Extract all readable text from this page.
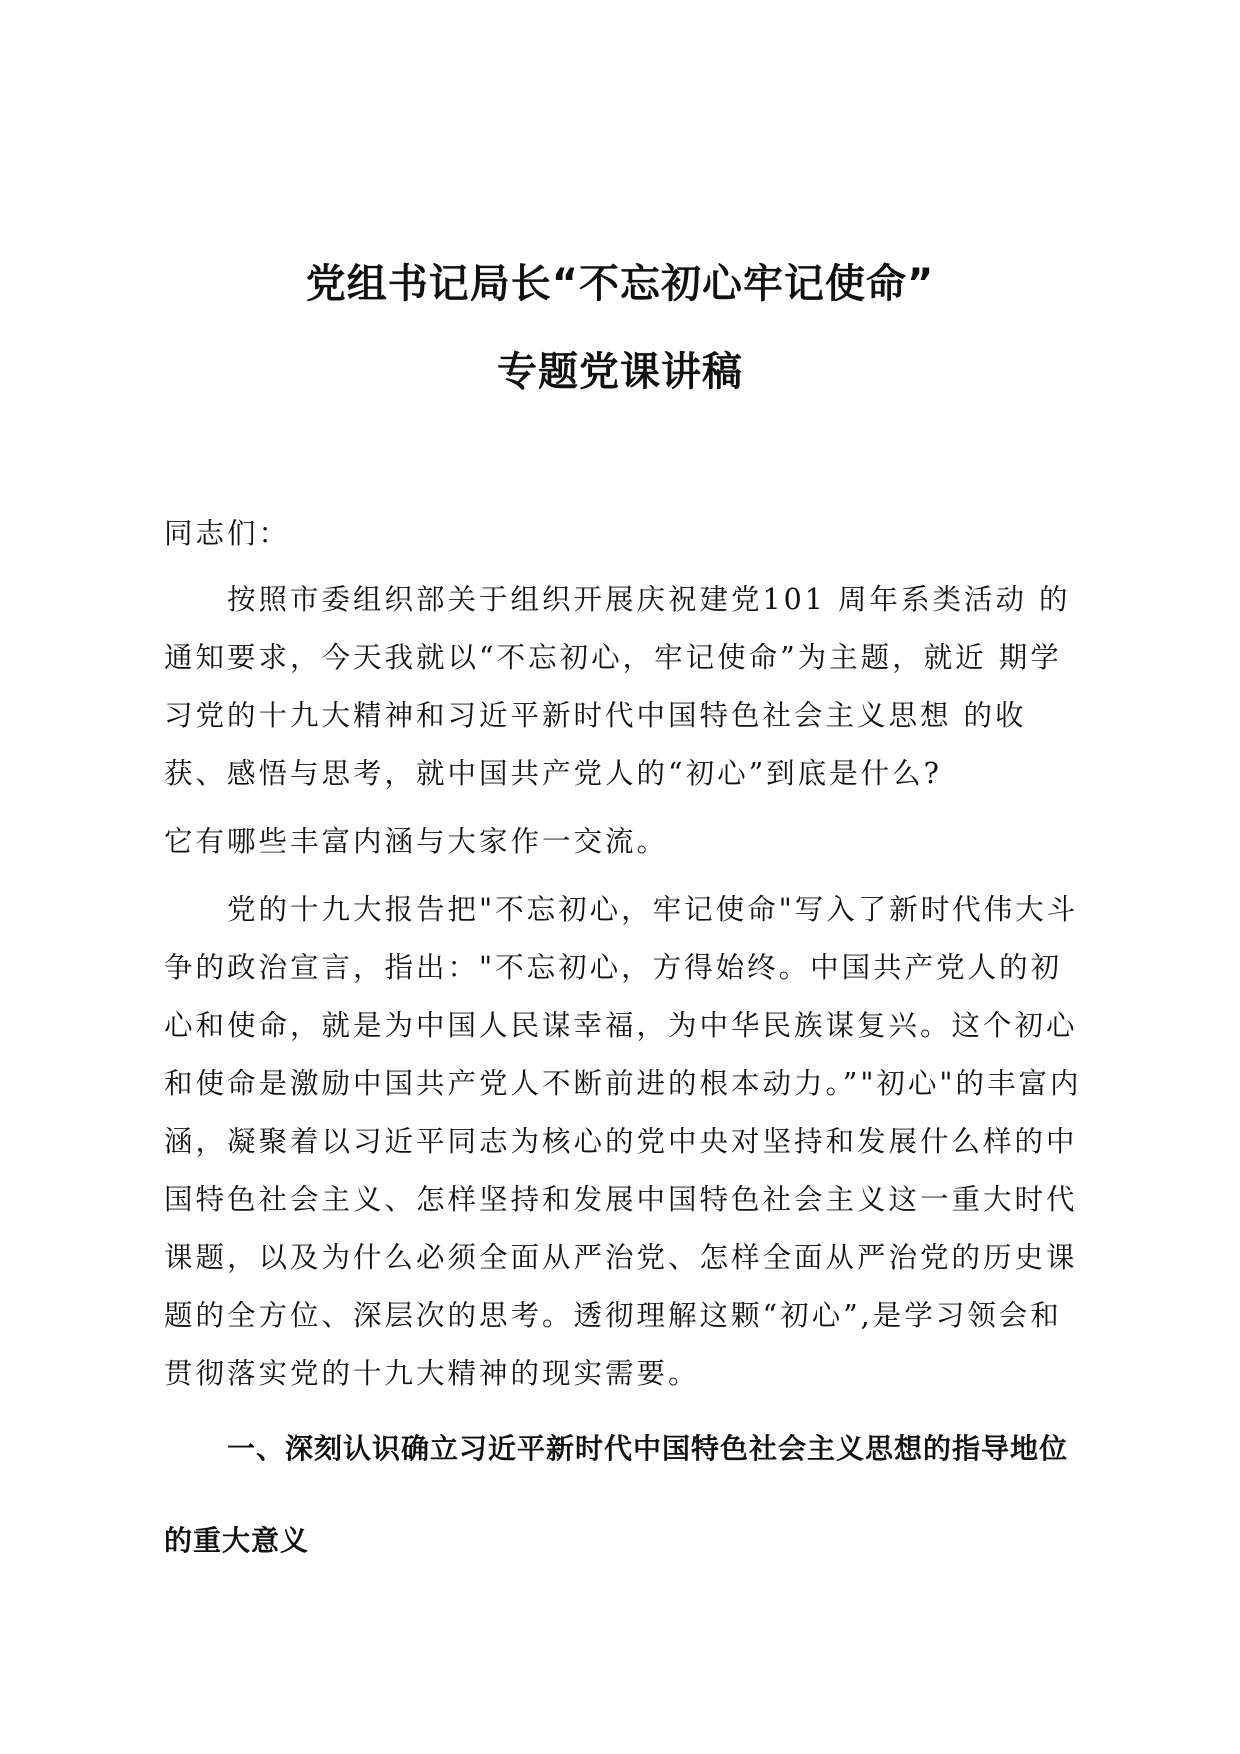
党组书记局长“不忘初心牢记使命”
专题党课讲稿

同志们：

按照市委组织部关于组织开展庆祝建党101 周年系类活动 的通知要求，今天我就以“不忘初心，牢记使命”为主题，就近 期学习党的十九大精神和习近平新时代中国特色社会主义思想 的收获、感悟与思考，就中国共产党人的“初心”到底是什么?

它有哪些丰富内涵与大家作一交流。

党的十九大报告把"不忘初心，牢记使命"写入了新时代伟大斗争的政治宣言，指出："不忘初心，方得始终。中国共产党人的初心和使命，就是为中国人民谋幸福，为中华民族谋复兴。这个初心和使命是激励中国共产党人不断前进的根本动力。”"初心"的丰富内涵，凝聚着以习近平同志为核心的党中央对坚持和发展什么样的中国特色社会主义、怎样坚持和发展中国特色社会主义这一重大时代课题，以及为什么必须全面从严治党、怎样全面从严治党的历史课题的全方位、深层次的思考。透彻理解这颗“初心”,是学习领会和贯彻落实党的十九大精神的现实需要。

一、深刻认识确立习近平新时代中国特色社会主义思想的指导地位的重大意义
